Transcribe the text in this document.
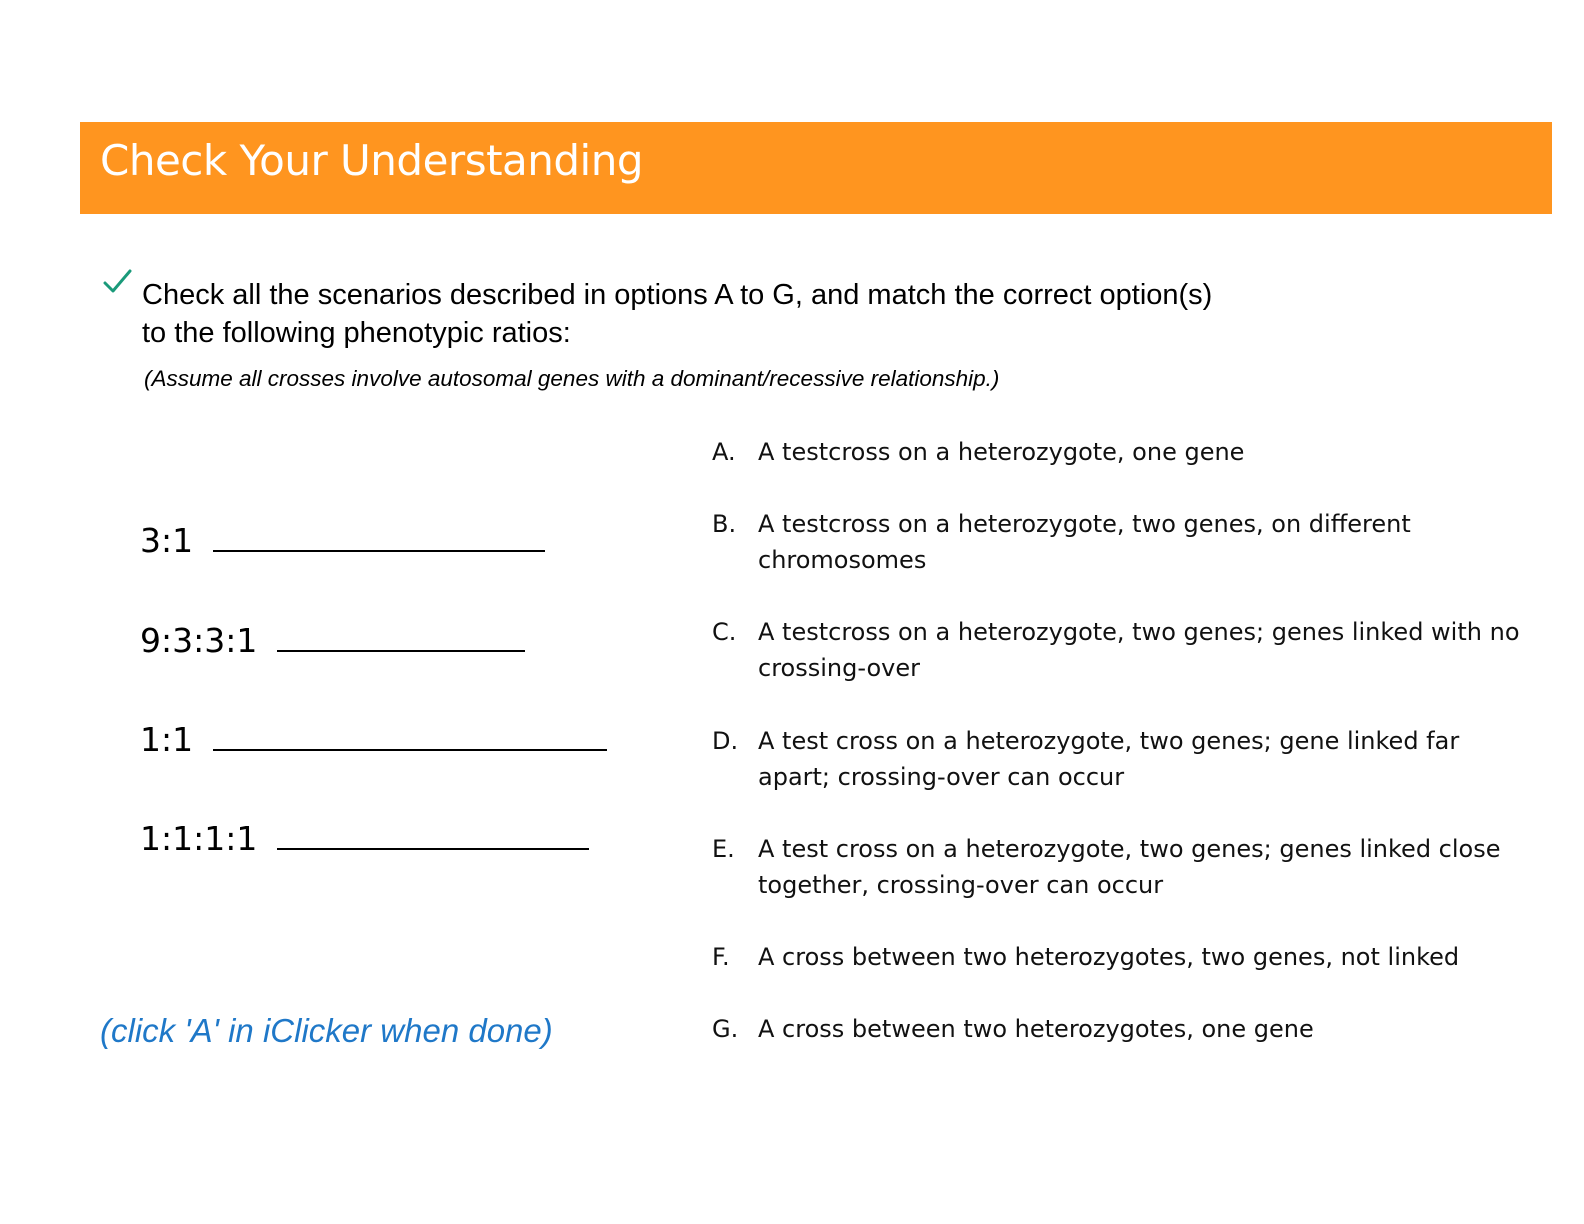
Check Your Understanding
Check all the scenarios described in options A to G, and match the correct option(s)
to the following phenotypic ratios:
(Assume all crosses involve autosomal genes with a dominant/recessive relationship.)
3:1
9:3:3:1
1:1
1:1:1:1
(click 'A' in iClicker when done)
A. A testcross on a heterozygote, one gene
B. A testcross on a heterozygote, two genes, on different chromosomes
C. A testcross on a heterozygote, two genes; genes linked with no crossing-over
D. A test cross on a heterozygote, two genes; gene linked far apart; crossing-over can occur
E. A test cross on a heterozygote, two genes; genes linked close together, crossing-over can occur
F.	A cross between two heterozygotes, two genes, not linked
G. A cross between two heterozygotes, one gene
